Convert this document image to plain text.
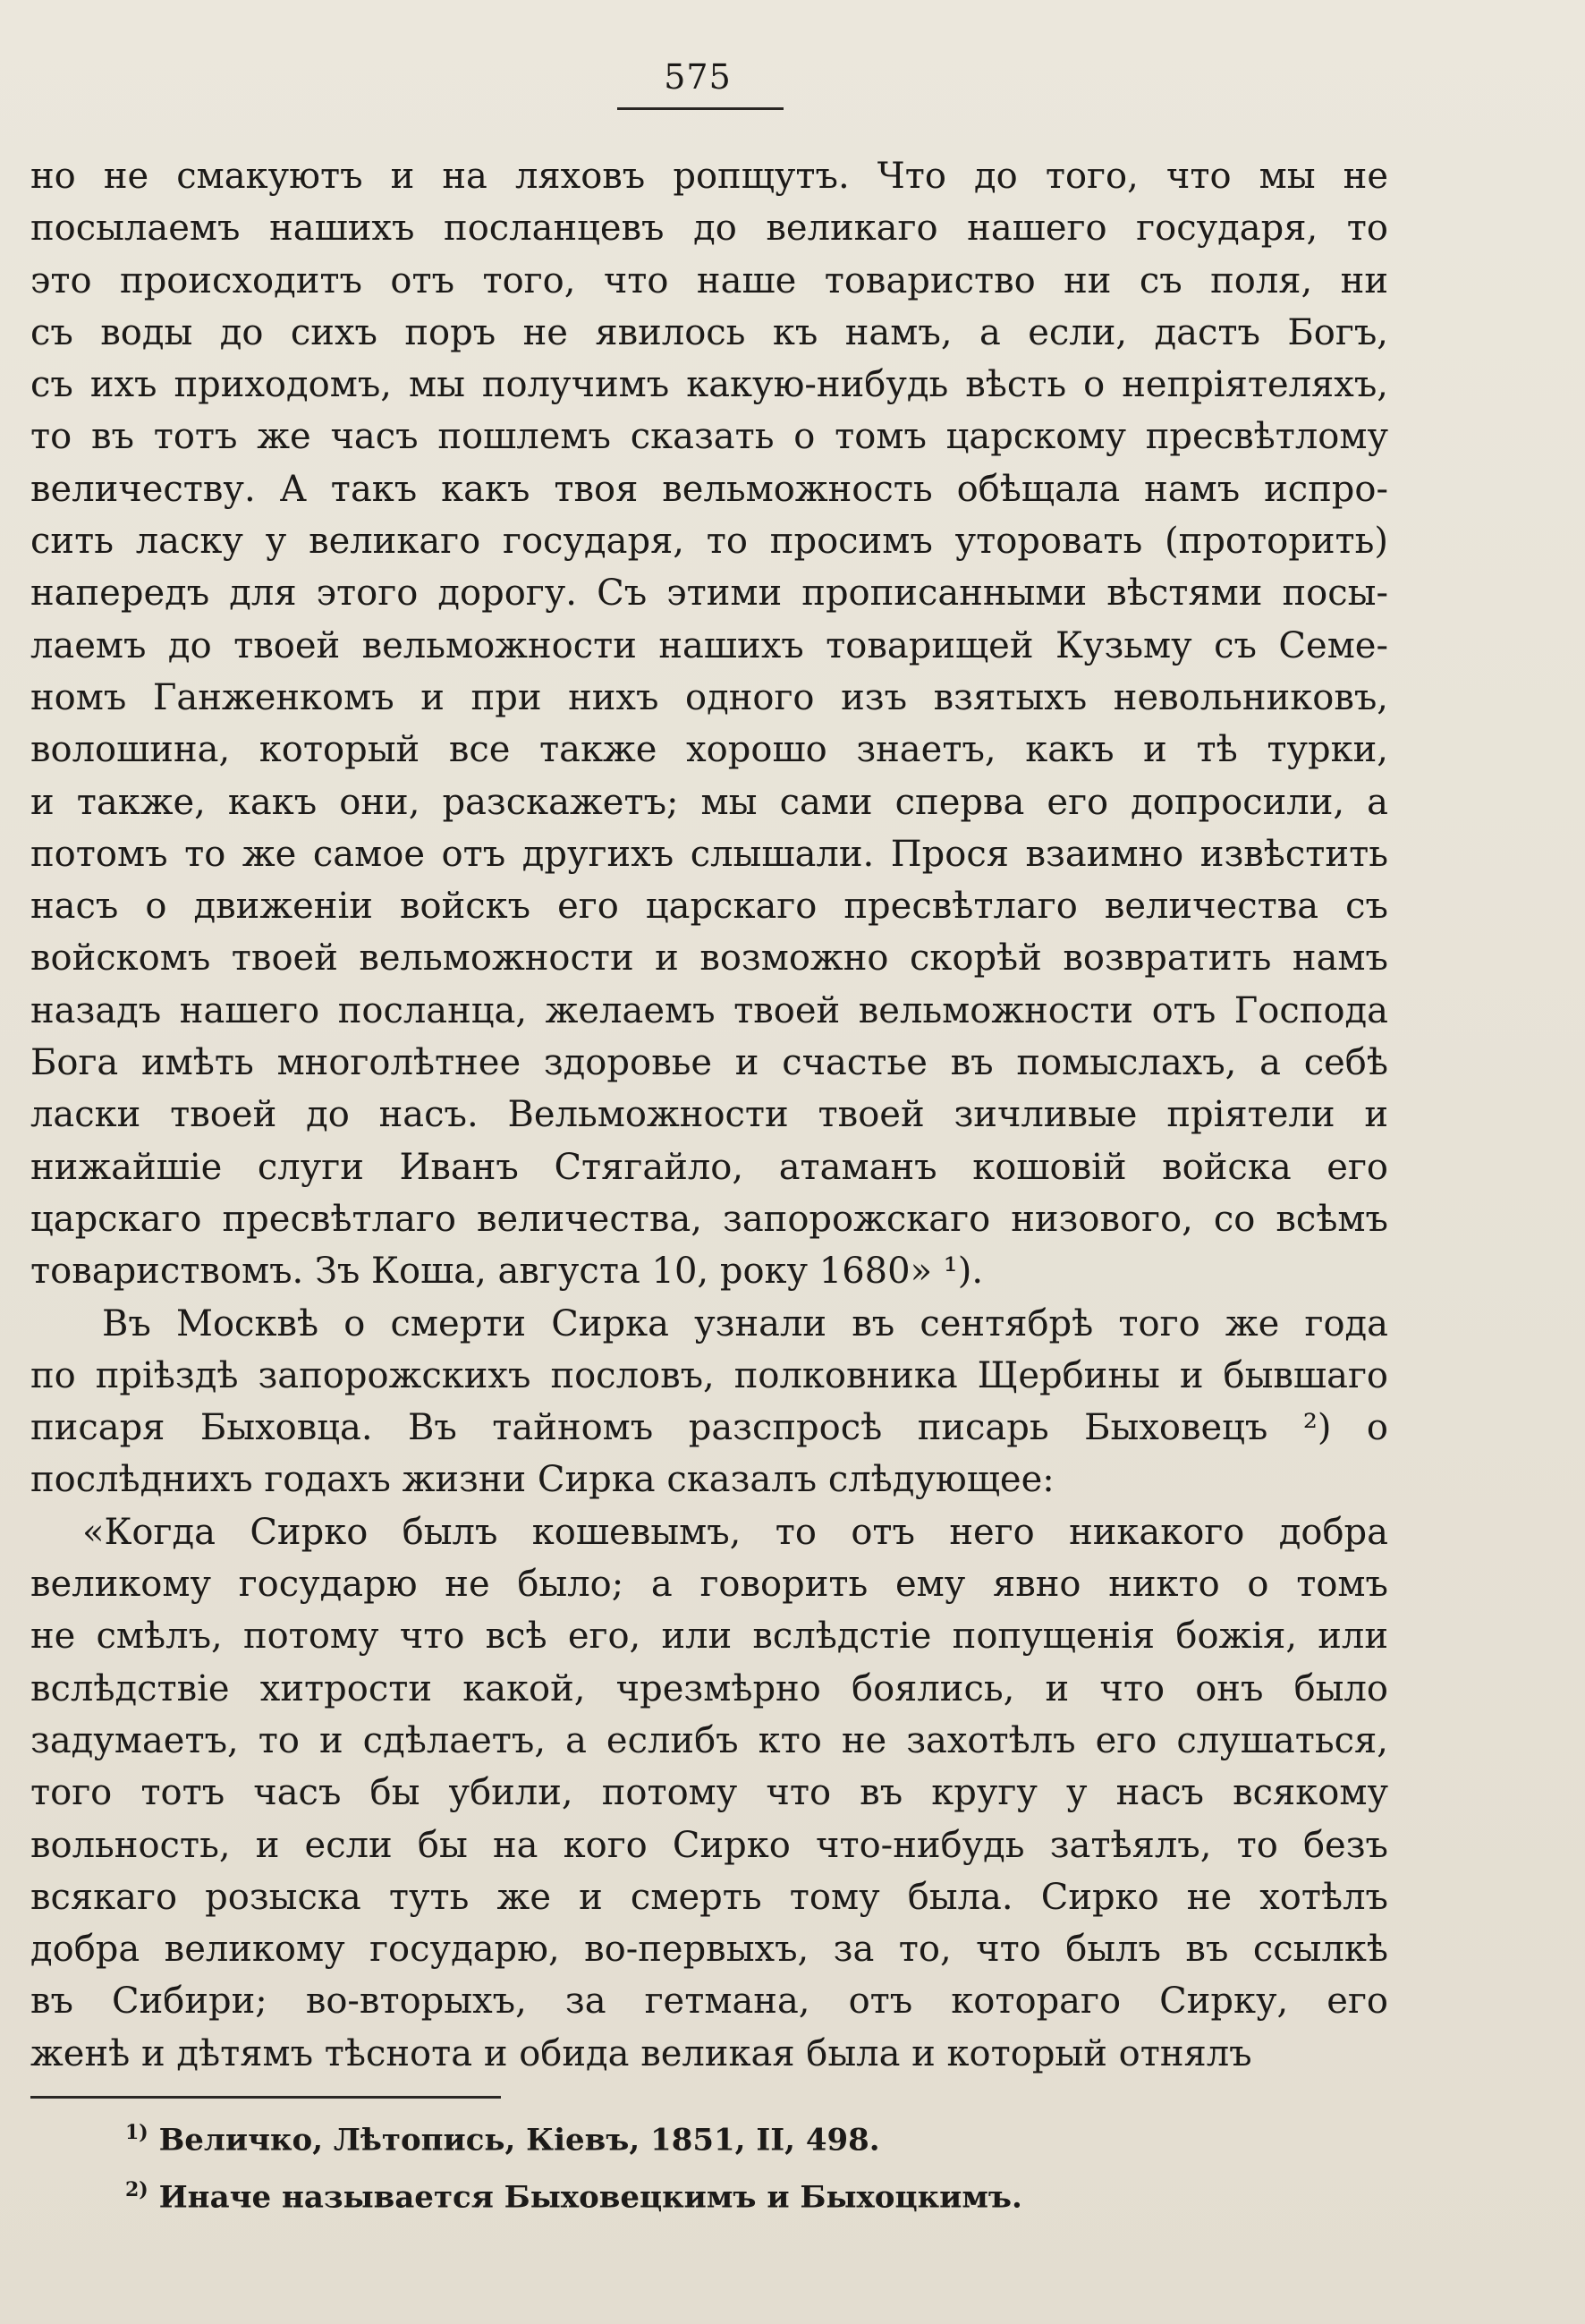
575
но не смакуютъ и на ляховъ ропщутъ. Что до того, что мы не
посылаемъ нашихъ посланцевъ до великаго нашего государя, то
это происходитъ отъ того, что наше товариство ни съ поля, ни
съ воды до сихъ поръ не явилось къ намъ, а если, дастъ Богъ,
съ ихъ приходомъ, мы получимъ какую-нибудь вѣсть о непріятеляхъ,
то въ тотъ же часъ пошлемъ сказать о томъ царскому пресвѣтлому
величеству. А такъ какъ твоя вельможность обѣщала намъ испро-
сить ласку у великаго государя, то просимъ уторовать (проторить)
напередъ для этого дорогу. Съ этими прописанными вѣстями посы-
лаемъ до твоей вельможности нашихъ товарищей Кузьму съ Семе-
номъ Ганженкомъ и при нихъ одного изъ взятыхъ невольниковъ,
волошина, который все также хорошо знаетъ, какъ и тѣ турки,
и также, какъ они, разскажетъ; мы сами сперва его допросили, а
потомъ то же самое отъ другихъ слышали. Прося взаимно извѣстить
насъ о движеніи войскъ его царскаго пресвѣтлаго величества съ
войскомъ твоей вельможности и возможно скорѣй возвратить намъ
назадъ нашего посланца, желаемъ твоей вельможности отъ Господа
Бога имѣть многолѣтнее здоровье и счастье въ помыслахъ, а себѣ
ласки твоей до насъ. Вельможности твоей зичливые пріятели и
нижайшіе слуги Иванъ Стягайло, атаманъ кошовій войска его
царскаго пресвѣтлаго величества, запорожскаго низового, со всѣмъ
товариствомъ. Зъ Коша, августа 10, року 1680» ¹).
Въ Москвѣ о смерти Сирка узнали въ сентябрѣ того же года
по пріѣздѣ запорожскихъ пословъ, полковника Щербины и бывшаго
писаря Быховца. Въ тайномъ разспросѣ писарь Быховецъ ²) о
послѣднихъ годахъ жизни Сирка сказалъ слѣдующее:
«Когда Сирко былъ кошевымъ, то отъ него никакого добра
великому государю не было; а говорить ему явно никто о томъ
не смѣлъ, потому что всѣ его, или вслѣдстіе попущенія божія, или
вслѣдствіе хитрости какой, чрезмѣрно боялись, и что онъ было
задумаетъ, то и сдѣлаетъ, а еслибъ кто не захотѣлъ его слушаться,
того тотъ часъ бы убили, потому что въ кругу у насъ всякому
вольность, и если бы на кого Сирко что-нибудь затѣялъ, то безъ
всякаго розыска туть же и смерть тому была. Сирко не хотѣлъ
добра великому государю, во-первыхъ, за то, что былъ въ ссылкѣ
въ Сибири; во-вторыхъ, за гетмана, отъ котораго Сирку, его
женѣ и дѣтямъ тѣснота и обида великая была и который отнялъ
$^{1)}$ Величко, Лѣтопись, Кіевъ, 1851, II, 498.
$^{2)}$ Иначе называется Быховецкимъ и Быхоцкимъ.
